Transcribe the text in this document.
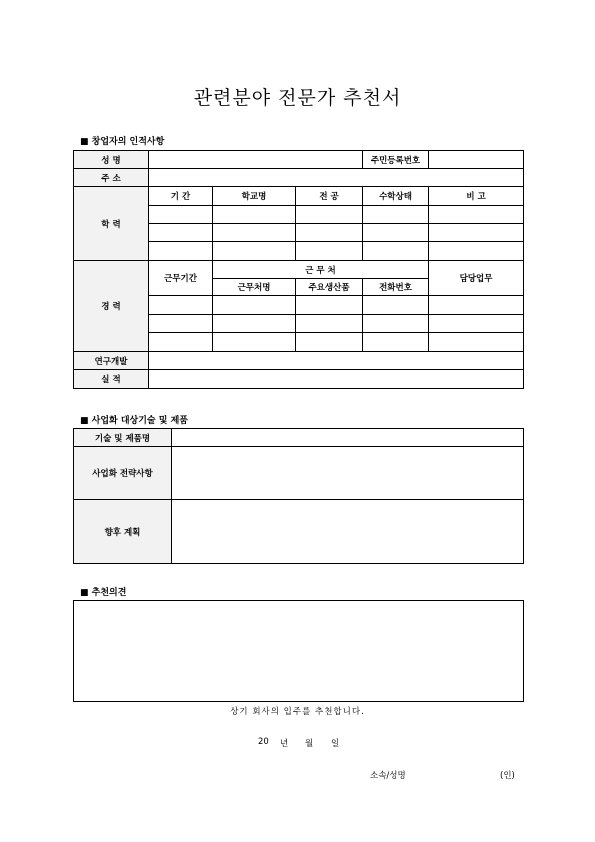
관련분야 전문가 추천서
■ 창업자의 인적사항
성 명				주민등록번호	
주 소					
학 력	기 간	학교명	전 공	수학상태	비 고

경 력	근무기간	근 무 처			담당업무
		근무처명	주요생산품	전화번호	

연구개발					
실 적					
■ 사업화 대상기술 및 제품
기술 및 제품명	
사업화 전략사항	
향후 계획	
■ 추천의견
상기 회사의 입주를 추천합니다.
20 년 월 일
소속/성명	(인)
